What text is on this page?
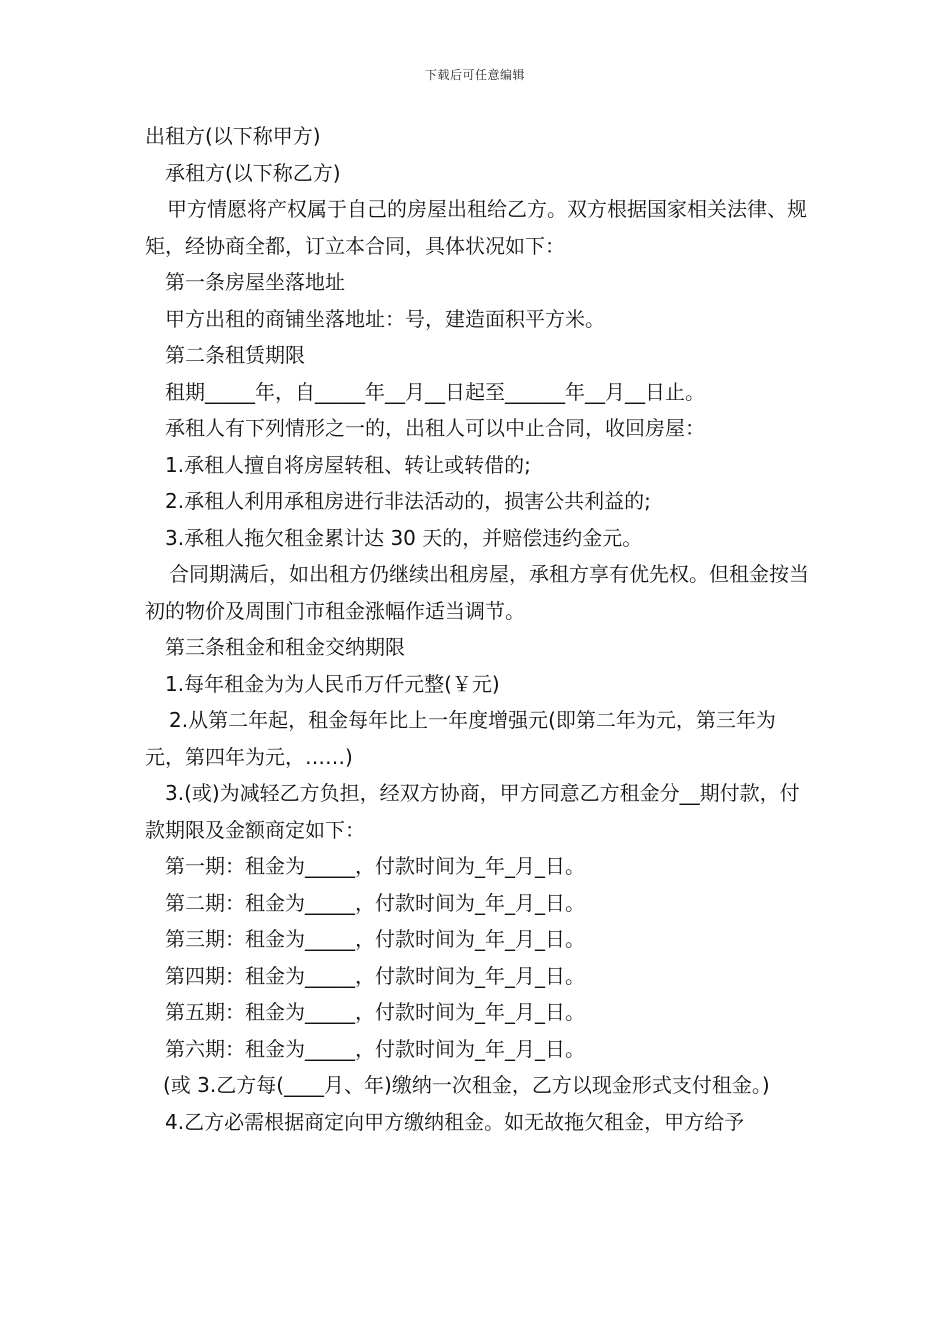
下载后可任意编辑

出租方(以下称甲方)

承租方(以下称乙方)

甲方情愿将产权属于自己的房屋出租给乙方。双方根据国家相关法律、规矩，经协商全都，订立本合同，具体状况如下：

第一条房屋坐落地址

甲方出租的商铺坐落地址：号，建造面积平方米。

第二条租赁期限

租期_____年，自_____年__月__日起至______年__月__日止。

承租人有下列情形之一的，出租人可以中止合同，收回房屋：

1.承租人擅自将房屋转租、转让或转借的;

2.承租人利用承租房进行非法活动的，损害公共利益的;

3.承租人拖欠租金累计达 30 天的，并赔偿违约金元。

合同期满后，如出租方仍继续出租房屋，承租方享有优先权。但租金按当初的物价及周围门市租金涨幅作适当调节。

第三条租金和租金交纳期限

1.每年租金为为人民币万仟元整(￥元)

2.从第二年起，租金每年比上一年度增强元(即第二年为元，第三年为元，第四年为元，……)

3.(或)为减轻乙方负担，经双方协商，甲方同意乙方租金分__期付款，付款期限及金额商定如下：

第一期：租金为_____，付款时间为_年_月_日。

第二期：租金为_____，付款时间为_年_月_日。

第三期：租金为_____，付款时间为_年_月_日。

第四期：租金为_____，付款时间为_年_月_日。

第五期：租金为_____，付款时间为_年_月_日。

第六期：租金为_____，付款时间为_年_月_日。

(或 3.乙方每(____月、年)缴纳一次租金，乙方以现金形式支付租金。)

4.乙方必需根据商定向甲方缴纳租金。如无故拖欠租金，甲方给予
